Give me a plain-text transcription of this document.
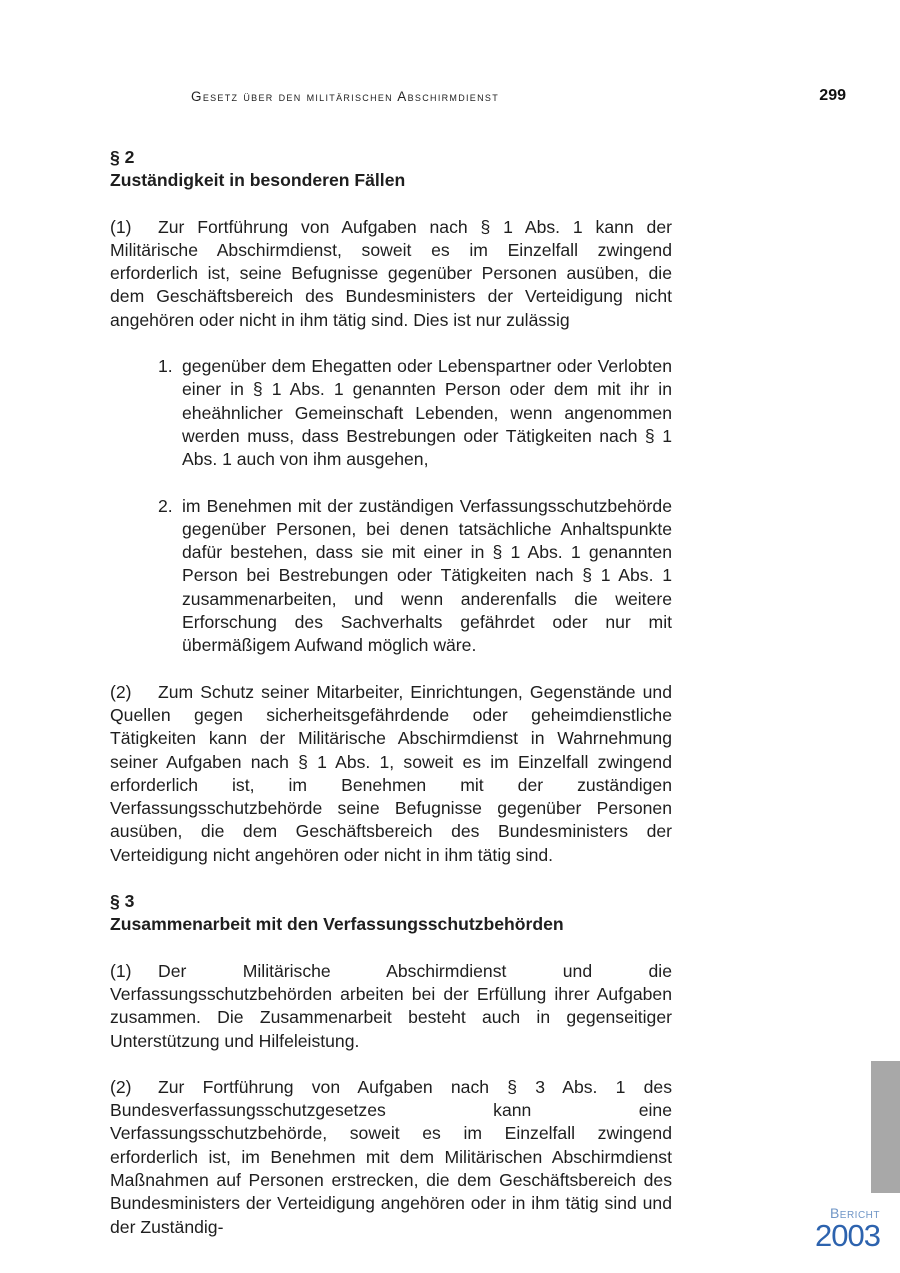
Gesetz über den militärischen Abschirmdienst	299

§ 2

Zuständigkeit in besonderen Fällen

(1) Zur Fortführung von Aufgaben nach § 1 Abs. 1 kann der Militärische Abschirmdienst, soweit es im Einzelfall zwingend erforderlich ist, seine Befugnisse gegenüber Personen ausüben, die dem Geschäftsbereich des Bundesministers der Verteidigung nicht angehören oder nicht in ihm tätig sind. Dies ist nur zulässig

1. gegenüber dem Ehegatten oder Lebenspartner oder Verlobten einer in § 1 Abs. 1 genannten Person oder dem mit ihr in eheähnlicher Gemeinschaft Lebenden, wenn angenommen werden muss, dass Bestrebungen oder Tätigkeiten nach § 1 Abs. 1 auch von ihm ausgehen,
2. im Benehmen mit der zuständigen Verfassungsschutzbehörde gegenüber Personen, bei denen tatsächliche Anhaltspunkte dafür bestehen, dass sie mit einer in § 1 Abs. 1 genannten Person bei Bestrebungen oder Tätigkeiten nach § 1 Abs. 1 zusammenarbeiten, und wenn anderenfalls die weitere Erforschung des Sachverhalts gefährdet oder nur mit übermäßigem Aufwand möglich wäre.

(2) Zum Schutz seiner Mitarbeiter, Einrichtungen, Gegenstände und Quellen gegen sicherheitsgefährdende oder geheimdienstliche Tätigkeiten kann der Militärische Abschirmdienst in Wahrnehmung seiner Aufgaben nach § 1 Abs. 1, soweit es im Einzelfall zwingend erforderlich ist, im Benehmen mit der zuständigen Verfassungsschutzbehörde seine Befugnisse gegenüber Personen ausüben, die dem Geschäftsbereich des Bundesministers der Verteidigung nicht angehören oder nicht in ihm tätig sind.

§ 3

Zusammenarbeit mit den Verfassungsschutzbehörden

(1) Der Militärische Abschirmdienst und die Verfassungsschutzbehörden arbeiten bei der Erfüllung ihrer Aufgaben zusammen. Die Zusammenarbeit besteht auch in gegenseitiger Unterstützung und Hilfeleistung.

(2) Zur Fortführung von Aufgaben nach § 3 Abs. 1 des Bundesverfassungsschutzgesetzes kann eine Verfassungsschutzbehörde, soweit es im Einzelfall zwingend erforderlich ist, im Benehmen mit dem Militärischen Abschirmdienst Maßnahmen auf Personen erstrecken, die dem Geschäftsbereich des Bundesministers der Verteidigung angehören oder in ihm tätig sind und der Zuständig-

Bericht
2003
